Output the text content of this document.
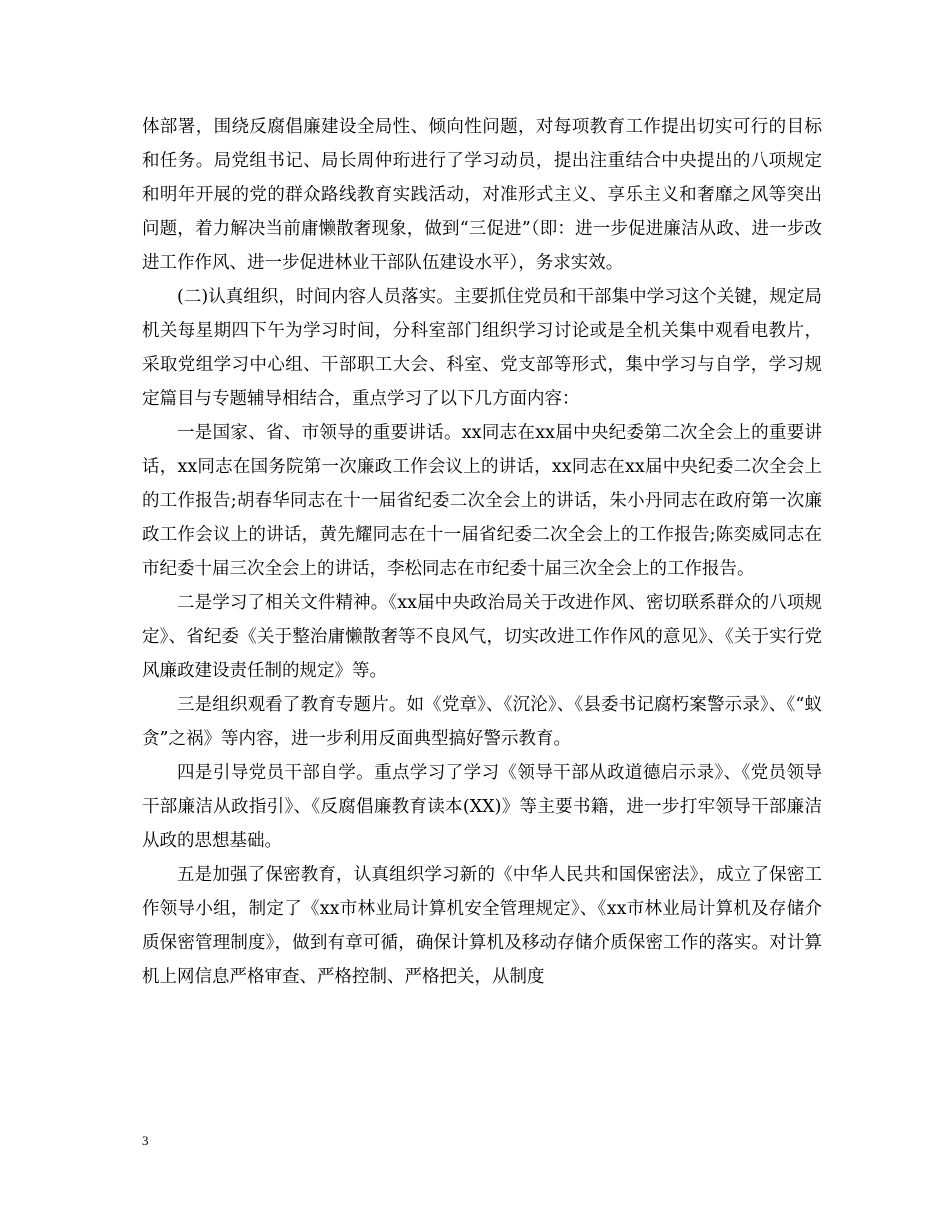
体部署，围绕反腐倡廉建设全局性、倾向性问题，对每项教育工作提出切实可行的目标和任务。局党组书记、局长周仲珩进行了学习动员，提出注重结合中央提出的八项规定和明年开展的党的群众路线教育实践活动，对准形式主义、享乐主义和奢靡之风等突出问题，着力解决当前庸懒散奢现象，做到“三促进”（即：进一步促进廉洁从政、进一步改进工作作风、进一步促进林业干部队伍建设水平），务求实效。

(二)认真组织，时间内容人员落实。主要抓住党员和干部集中学习这个关键，规定局机关每星期四下午为学习时间，分科室部门组织学习讨论或是全机关集中观看电教片，采取党组学习中心组、干部职工大会、科室、党支部等形式，集中学习与自学，学习规定篇目与专题辅导相结合，重点学习了以下几方面内容：

一是国家、省、市领导的重要讲话。xx同志在xx届中央纪委第二次全会上的重要讲话，xx同志在国务院第一次廉政工作会议上的讲话，xx同志在xx届中央纪委二次全会上的工作报告;胡春华同志在十一届省纪委二次全会上的讲话，朱小丹同志在政府第一次廉政工作会议上的讲话，黄先耀同志在十一届省纪委二次全会上的工作报告;陈奕威同志在市纪委十届三次全会上的讲话，李松同志在市纪委十届三次全会上的工作报告。

二是学习了相关文件精神。《xx届中央政治局关于改进作风、密切联系群众的八项规定》、省纪委《关于整治庸懒散奢等不良风气，切实改进工作作风的意见》、《关于实行党风廉政建设责任制的规定》等。

三是组织观看了教育专题片。如《党章》、《沉沦》、《县委书记腐朽案警示录》、《“蚁贪”之祸》等内容，进一步利用反面典型搞好警示教育。

四是引导党员干部自学。重点学习了学习《领导干部从政道德启示录》、《党员领导干部廉洁从政指引》、《反腐倡廉教育读本(XX)》等主要书籍，进一步打牢领导干部廉洁从政的思想基础。

五是加强了保密教育，认真组织学习新的《中华人民共和国保密法》，成立了保密工作领导小组，制定了《xx市林业局计算机安全管理规定》、《xx市林业局计算机及存储介质保密管理制度》，做到有章可循，确保计算机及移动存储介质保密工作的落实。对计算机上网信息严格审查、严格控制、严格把关，从制度

3
